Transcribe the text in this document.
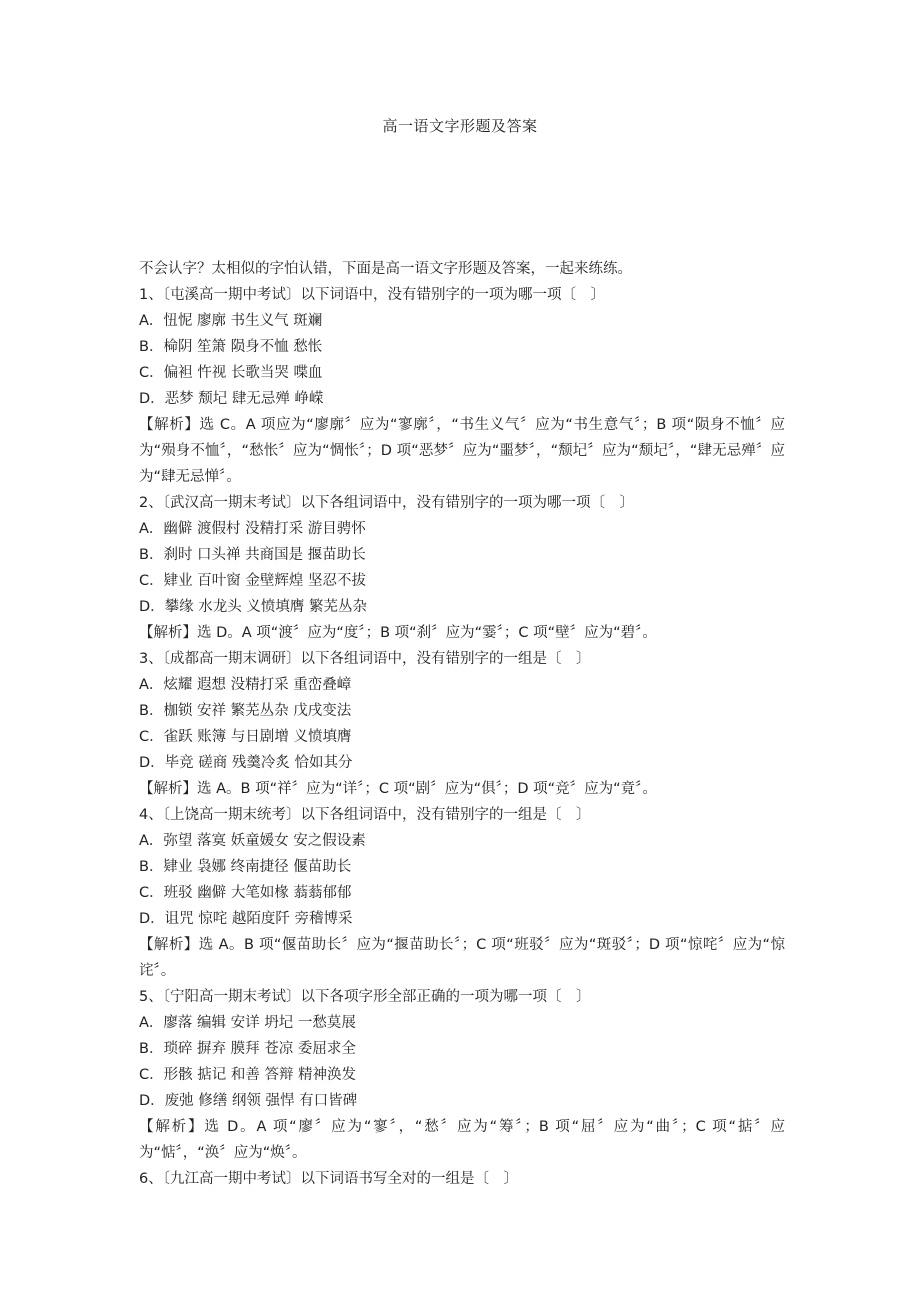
高一语文字形题及答案
不会认字？太相似的字怕认错，下面是高一语文字形题及答案，一起来练练。
1、〔屯溪高一期中考试〕以下词语中，没有错别字的一项为哪一项〔　〕
A．忸怩 廖廓 书生义气 斑斓
B．椧阴 笙箫 陨身不恤 愁怅
C．偏袒 忤视 长歌当哭 喋血
D．恶梦 颓圮 肆无忌殚 峥嵘
【解析】选 C。A 项应为“廖廓〞应为“寥廓〞，“书生义气〞应为“书生意气〞；B 项“陨身不恤〞应为“殒身不恤〞，“愁怅〞应为“惆怅〞；D 项“恶梦〞应为“噩梦〞，“颓圮〞应为“颓圮〞，“肆无忌殚〞应为“肆无忌惮〞。
2、〔武汉高一期末考试〕以下各组词语中，没有错别字的一项为哪一项〔　〕
A．幽僻 渡假村 没精打采 游目骋怀
B．刹时 口头禅 共商国是 揠苗助长
C．肄业 百叶窗 金壁辉煌 坚忍不拔
D．攀缘 水龙头 义愤填膺 繁芜丛杂
【解析】选 D。A 项“渡〞应为“度〞；B 项“刹〞应为“霎〞；C 项“壁〞应为“碧〞。
3、〔成都高一期末调研〕以下各组词语中，没有错别字的一组是〔　〕
A．炫耀 遐想 没精打采 重峦叠嶂
B．枷锁 安祥 繁芜丛杂 戊戌变法
C．雀跃 账簿 与日剧增 义愤填膺
D．毕竞 磋商 残羹冷炙 恰如其分
【解析】选 A。B 项“祥〞应为“详〞；C 项“剧〞应为“俱〞；D 项“竞〞应为“竟〞。
4、〔上饶高一期末统考〕以下各组词语中，没有错别字的一组是〔　〕
A．弥望 落寞 妖童媛女 安之假设素
B．肄业 袅娜 终南捷径 偃苗助长
C．班驳 幽僻 大笔如椽 蓊蓊郁郁
D．诅咒 惊咤 越陌度阡 旁稽博采
【解析】选 A。B 项“偃苗助长〞应为“揠苗助长〞；C 项“班驳〞应为“斑驳〞；D 项“惊咤〞应为“惊诧〞。
5、〔宁阳高一期末考试〕以下各项字形全部正确的一项为哪一项〔　〕
A．廖落 编辑 安详 坍圮 一愁莫展
B．琐碎 摒弃 膜拜 苍凉 委屈求全
C．形骸 掂记 和善 答辩 精神涣发
D．废弛 修缮 纲领 强悍 有口皆碑
【解析】选 D。A 项“廖〞应为“寥〞，“愁〞应为“筹〞；B 项“屈〞应为“曲〞；C 项“掂〞应为“惦〞，“涣〞应为“焕〞。
6、〔九江高一期中考试〕以下词语书写全对的一组是〔　〕
